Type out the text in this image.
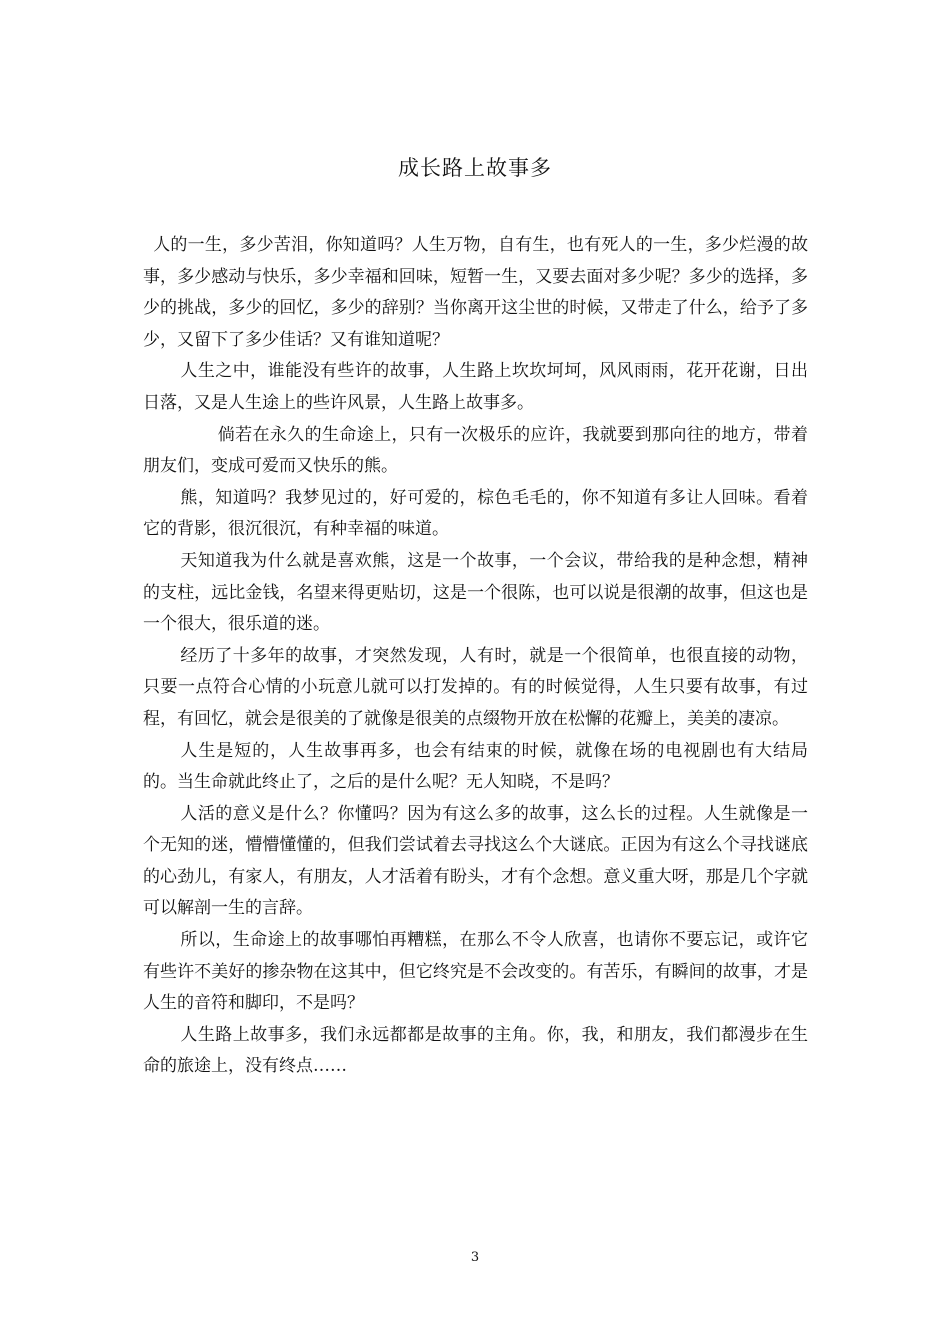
成长路上故事多

人的一生，多少苦泪，你知道吗？人生万物，自有生，也有死人的一生，多少烂漫的故事，多少感动与快乐，多少幸福和回味，短暂一生，又要去面对多少呢？多少的选择，多少的挑战，多少的回忆，多少的辞别？当你离开这尘世的时候，又带走了什么，给予了多少，又留下了多少佳话？又有谁知道呢？

人生之中，谁能没有些许的故事，人生路上坎坎坷坷，风风雨雨，花开花谢，日出日落，又是人生途上的些许风景，人生路上故事多。

倘若在永久的生命途上，只有一次极乐的应许，我就要到那向往的地方，带着朋友们，变成可爱而又快乐的熊。

熊，知道吗？我梦见过的，好可爱的，棕色毛毛的，你不知道有多让人回味。看着它的背影，很沉很沉，有种幸福的味道。

天知道我为什么就是喜欢熊，这是一个故事，一个会议，带给我的是种念想，精神的支柱，远比金钱，名望来得更贴切，这是一个很陈，也可以说是很潮的故事，但这也是一个很大，很乐道的迷。

经历了十多年的故事，才突然发现，人有时，就是一个很简单，也很直接的动物，只要一点符合心情的小玩意儿就可以打发掉的。有的时候觉得，人生只要有故事，有过程，有回忆，就会是很美的了就像是很美的点缀物开放在松懈的花瓣上，美美的凄凉。

人生是短的，人生故事再多，也会有结束的时候，就像在场的电视剧也有大结局的。当生命就此终止了，之后的是什么呢？无人知晓，不是吗？

人活的意义是什么？你懂吗？因为有这么多的故事，这么长的过程。人生就像是一个无知的迷，懵懵懂懂的，但我们尝试着去寻找这么个大谜底。正因为有这么个寻找谜底的心劲儿，有家人，有朋友，人才活着有盼头，才有个念想。意义重大呀，那是几个字就可以解剖一生的言辞。

所以，生命途上的故事哪怕再糟糕，在那么不令人欣喜，也请你不要忘记，或许它有些许不美好的掺杂物在这其中，但它终究是不会改变的。有苦乐，有瞬间的故事，才是人生的音符和脚印，不是吗？

人生路上故事多，我们永远都都是故事的主角。你，我，和朋友，我们都漫步在生命的旅途上，没有终点……

3
